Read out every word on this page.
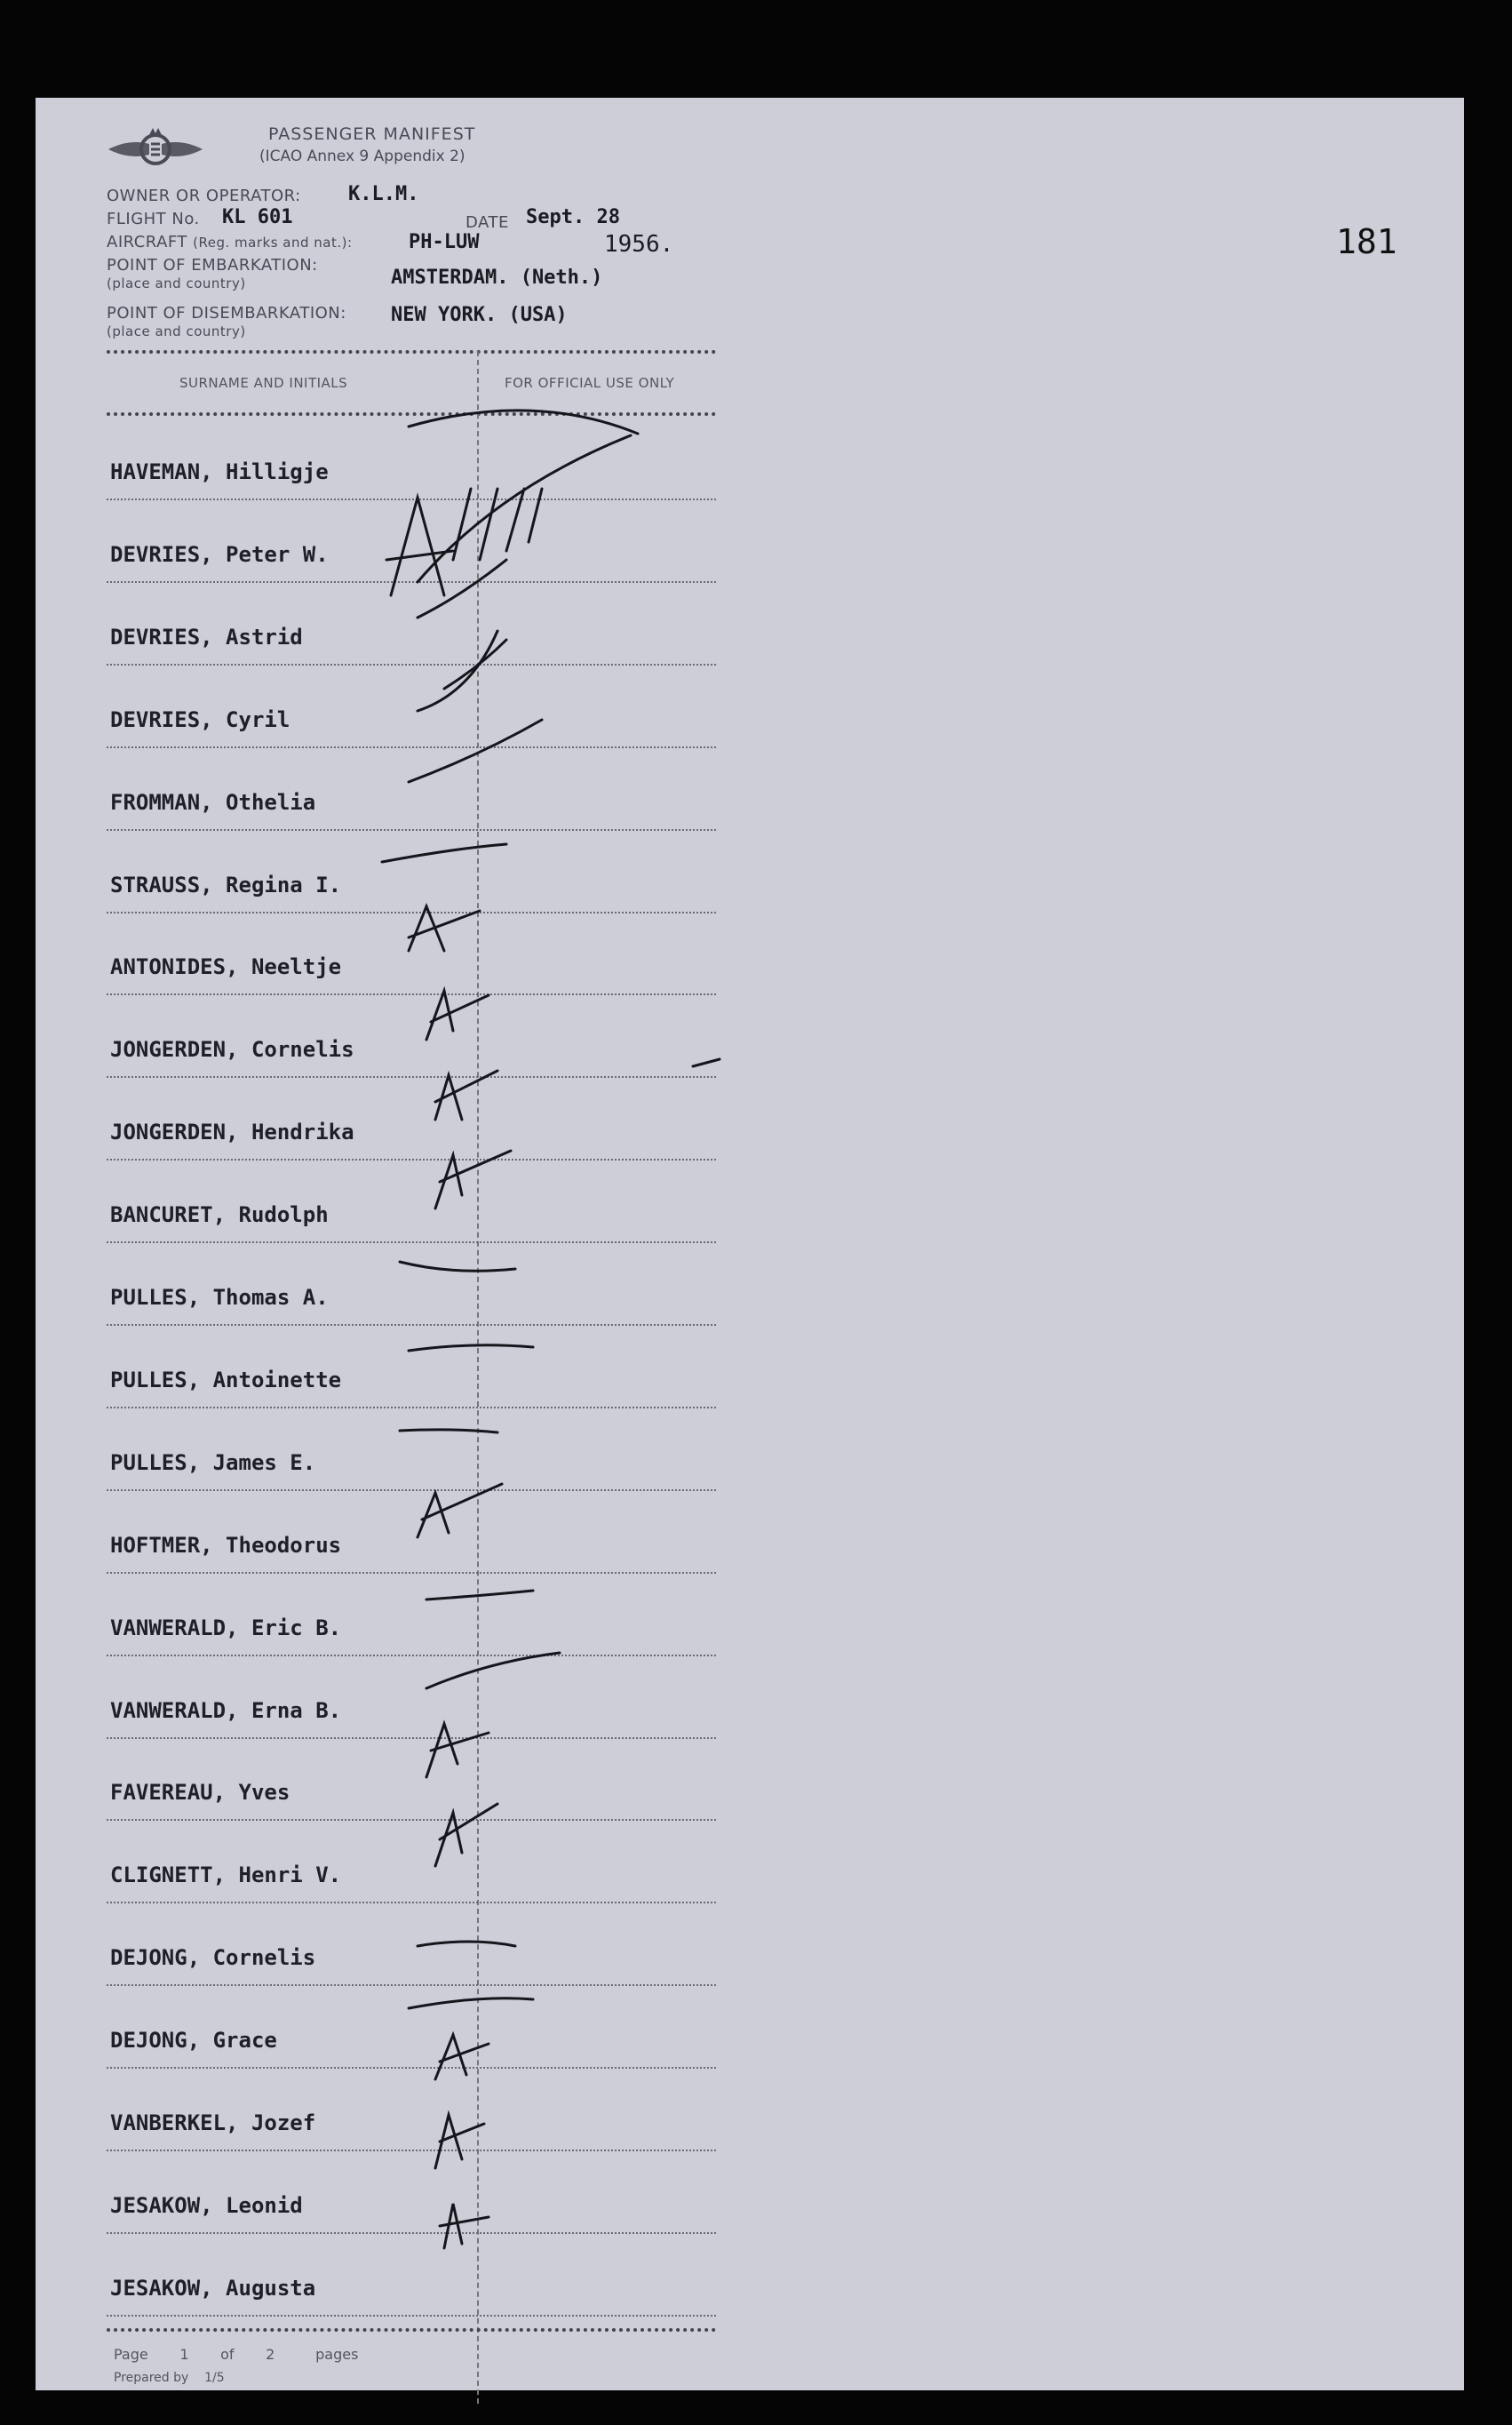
PASSENGER MANIFEST
(ICAO Annex 9 Appendix 2)
OWNER OR OPERATOR: K.L.M.
FLIGHT No. KL 601	DATE Sept. 28
AIRCRAFT (Reg. marks and nat.):	PH-LUW	1956.
POINT OF EMBARKATION:
(place and country)	AMSTERDAM. (Neth.)
POINT OF DISEMBARKATION:
(place and country)
NEW YORK. (USA)
181
SURNAME AND INITIALS	FOR OFFICIAL USE ONLY
HAVEMAN, Hilligje
DEVRIES, Peter W.
DEVRIES, Astrid
DEVRIES, Cyril
FROMMAN, Othelia
STRAUSS, Regina I.
ANTONIDES, Neeltje
JONGERDEN, Cornelis
JONGERDEN, Hendrika
BANCURET, Rudolph
PULLES, Thomas A.
PULLES, Antoinette
PULLES, James E.
HOFTMER, Theodorus
VANWERALD, Eric B.
VANWERALD, Erna B.
FAVEREAU, Yves
CLIGNETT, Henri V.
DEJONG, Cornelis
DEJONG, Grace
VANBERKEL, Jozef
JESAKOW, Leonid
JESAKOW, Augusta
Page 1 of 2	pages
Prepared by 1/5
